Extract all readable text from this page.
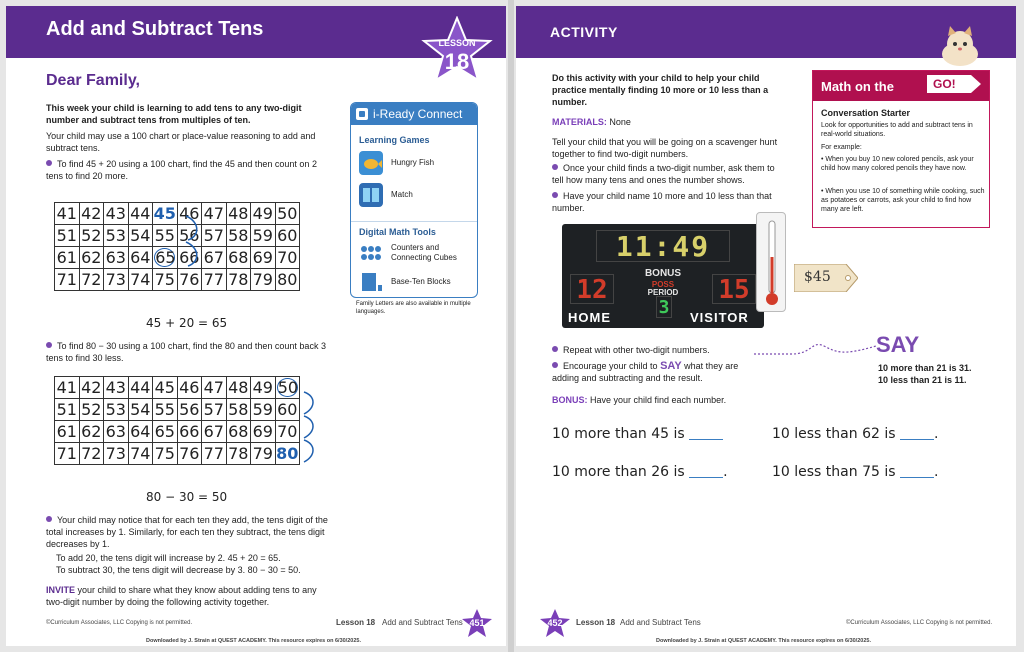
Add and Subtract Tens
LESSON
18
Dear Family,
This week your child is learning to add tens to any two-digit number and subtract tens from multiples of ten.
Your child may use a 100 chart or place-value reasoning to add and subtract tens.
To find 45 + 20 using a 100 chart, find the 45 and then count on 2 tens to find 20 more.
41	42	43	44	45	46	47	48	49	50
51	52	53	54	55	56	57	58	59	60
61	62	63	64	65	66	67	68	69	70
71	72	73	74	75	76	77	78	79	80
45 + 20 = 65
To find 80 − 30 using a 100 chart, find the 80 and then count back 3 tens to find 30 less.
41	42	43	44	45	46	47	48	49	50
51	52	53	54	55	56	57	58	59	60
61	62	63	64	65	66	67	68	69	70
71	72	73	74	75	76	77	78	79	80
80 − 30 = 50
Your child may notice that for each ten they add, the tens digit of the total increases by 1. Similarly, for each ten they subtract, the tens digit decreases by 1.
To add 20, the tens digit will increase by 2. 45 + 20 = 65.
To subtract 30, the tens digit will decrease by 3. 80 − 30 = 50.
INVITE your child to share what they know about adding tens to any two-digit number by doing the following activity together.
i-Ready Connect
Learning Games
Hungry Fish
Match
Digital Math Tools
Counters and Connecting Cubes
Base-Ten Blocks
Family Letters are also available in multiple languages.
©Curriculum Associates, LLC Copying is not permitted.	Lesson 18 Add and Subtract Tens 451
Downloaded by J. Strain at QUEST ACADEMY. This resource expires on 6/30/2025.
ACTIVITY
Do this activity with your child to help your child practice mentally finding 10 more or 10 less than a number.
MATERIALS: None
Tell your child that you will be going on a scavenger hunt together to find two-digit numbers.
Once your child finds a two-digit number, ask them to tell how many tens and ones the number shows.
Have your child name 10 more and 10 less than that number.
11:49
12	15
BONUS
POSS
PERIOD
3
HOME	VISITOR
$45
Repeat with other two-digit numbers.
Encourage your child to SAY what they are adding and subtracting and the result.
SAY
10 more than 21 is 31.
10 less than 21 is 11.
BONUS: Have your child find each number.
10 more than 45 is	10 less than 62 is	.
10 more than 26 is	.	10 less than 75 is	.
Math on the	GO!
Conversation Starter
Look for opportunities to add and subtract tens in real-world situations.
For example:
• When you buy 10 new colored pencils, ask your child how many colored pencils they have now.
• When you use 10 of something while cooking, such as potatoes or carrots, ask your child to find how many are left.
452	Lesson 18 Add and Subtract Tens	©Curriculum Associates, LLC Copying is not permitted.
Downloaded by J. Strain at QUEST ACADEMY. This resource expires on 6/30/2025.
